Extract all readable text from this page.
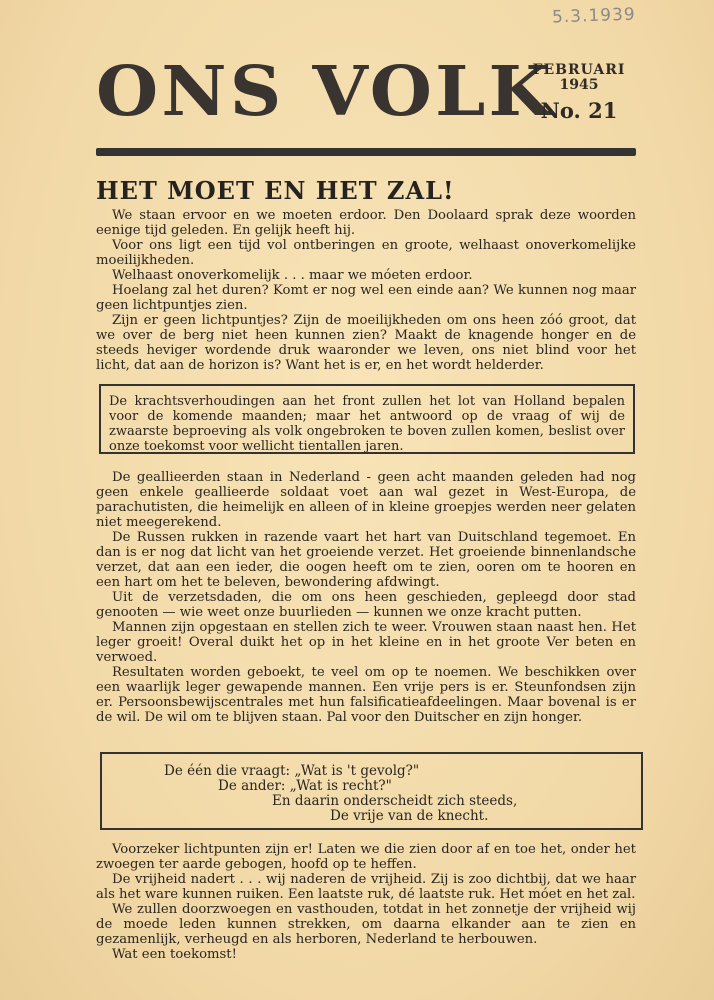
5.3.1939
ONS VOLK
FEBRUARI
1945
No. 21
HET MOET EN HET ZAL!

We staan ervoor en we moeten erdoor. Den Doolaard sprak deze woorden eenige tijd geleden. En gelijk heeft hij.

Voor ons ligt een tijd vol ontberingen en groote, welhaast onoverkomelijke moeilijkheden.

Welhaast onoverkomelijk . . . maar we móeten erdoor.

Hoelang zal het duren? Komt er nog wel een einde aan? We kunnen nog maar geen lichtpuntjes zien.

Zijn er geen lichtpuntjes? Zijn de moeilijkheden om ons heen zóó groot, dat we over de berg niet heen kunnen zien? Maakt de knagende honger en de steeds heviger wordende druk waaronder we leven, ons niet blind voor het licht, dat aan de horizon is? Want het is er, en het wordt helderder.

De krachtsverhoudingen aan het front zullen het lot van Holland bepalen voor de komende maanden; maar het antwoord op de vraag of wij de zwaarste beproeving als volk ongebroken te boven zullen komen, beslist over onze toekomst voor wellicht tientallen jaren.

De geallieerden staan in Nederland - geen acht maanden geleden had nog geen enkele geallieerde soldaat voet aan wal gezet in West-Europa, de parachutisten, die heimelijk en alleen of in kleine groepjes werden neer gelaten niet meegerekend.

De Russen rukken in razende vaart het hart van Duitschland tegemoet. En dan is er nog dat licht van het groeiende verzet. Het groeiende binnenlandsche verzet, dat aan een ieder, die oogen heeft om te zien, ooren om te hooren en een hart om het te beleven, bewondering afdwingt.

Uit de verzetsdaden, die om ons heen geschieden, gepleegd door stad genooten — wie weet onze buurlieden — kunnen we onze kracht putten.

Mannen zijn opgestaan en stellen zich te weer. Vrouwen staan naast hen. Het leger groeit! Overal duikt het op in het kleine en in het groote Ver beten en verwoed.

Resultaten worden geboekt, te veel om op te noemen. We beschikken over een waarlijk leger gewapende mannen. Een vrije pers is er. Steunfondsen zijn er. Persoonsbewijscentrales met hun falsificatieafdeelingen. Maar bovenal is er de wil. De wil om te blijven staan. Pal voor den Duitscher en zijn honger.

De één die vraagt: „Wat is 't gevolg?"
De ander: „Wat is recht?"
En daarin onderscheidt zich steeds,
De vrije van de knecht.

Voorzeker lichtpunten zijn er! Laten we die zien door af en toe het, onder het zwoegen ter aarde gebogen, hoofd op te heffen.

De vrijheid nadert . . . wij naderen de vrijheid. Zij is zoo dichtbij, dat we haar als het ware kunnen ruiken. Een laatste ruk, dé laatste ruk. Het móet en het zal.

We zullen doorzwoegen en vasthouden, totdat in het zonnetje der vrijheid wij de moede leden kunnen strekken, om daarna elkander aan te zien en gezamenlijk, verheugd en als herboren, Nederland te herbouwen.

Wat een toekomst!
